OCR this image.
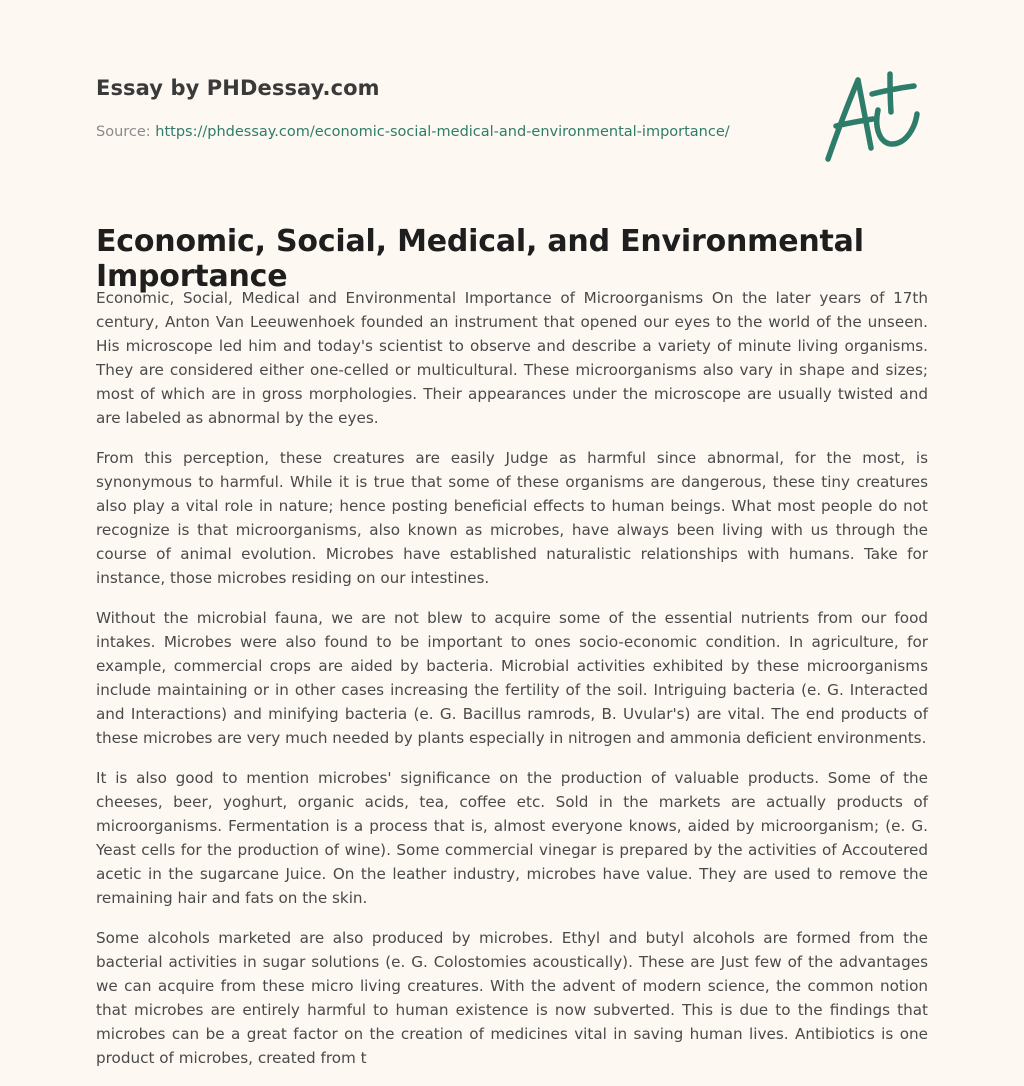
Essay by PHDessay.com

Source: https://phdessay.com/economic-social-medical-and-environmental-importance/

Economic, Social, Medical, and Environmental Importance

Economic, Social, Medical and Environmental Importance of Microorganisms On the later years of 17th century, Anton Van Leeuwenhoek founded an instrument that opened our eyes to the world of the unseen. His microscope led him and today's scientist to observe and describe a variety of minute living organisms. They are considered either one-celled or multicultural. These microorganisms also vary in shape and sizes; most of which are in gross morphologies. Their appearances under the microscope are usually twisted and are labeled as abnormal by the eyes.

From this perception, these creatures are easily Judge as harmful since abnormal, for the most, is synonymous to harmful. While it is true that some of these organisms are dangerous, these tiny creatures also play a vital role in nature; hence posting beneficial effects to human beings. What most people do not recognize is that microorganisms, also known as microbes, have always been living with us through the course of animal evolution. Microbes have established naturalistic relationships with humans. Take for instance, those microbes residing on our intestines.

Without the microbial fauna, we are not blew to acquire some of the essential nutrients from our food intakes. Microbes were also found to be important to ones socio-economic condition. In agriculture, for example, commercial crops are aided by bacteria. Microbial activities exhibited by these microorganisms include maintaining or in other cases increasing the fertility of the soil. Intriguing bacteria (e. G. Interacted and Interactions) and minifying bacteria (e. G. Bacillus ramrods, B. Uvular's) are vital. The end products of these microbes are very much needed by plants especially in nitrogen and ammonia deficient environments.

It is also good to mention microbes' significance on the production of valuable products. Some of the cheeses, beer, yoghurt, organic acids, tea, coffee etc. Sold in the markets are actually products of microorganisms. Fermentation is a process that is, almost everyone knows, aided by microorganism; (e. G. Yeast cells for the production of wine). Some commercial vinegar is prepared by the activities of Accoutered acetic in the sugarcane Juice. On the leather industry, microbes have value. They are used to remove the remaining hair and fats on the skin.

Some alcohols marketed are also produced by microbes. Ethyl and butyl alcohols are formed from the bacterial activities in sugar solutions (e. G. Colostomies acoustically). These are Just few of the advantages we can acquire from these micro living creatures. With the advent of modern science, the common notion that microbes are entirely harmful to human existence is now subverted. This is due to the findings that microbes can be a great factor on the creation of medicines vital in saving human lives. Antibiotics is one product of microbes, created from t
